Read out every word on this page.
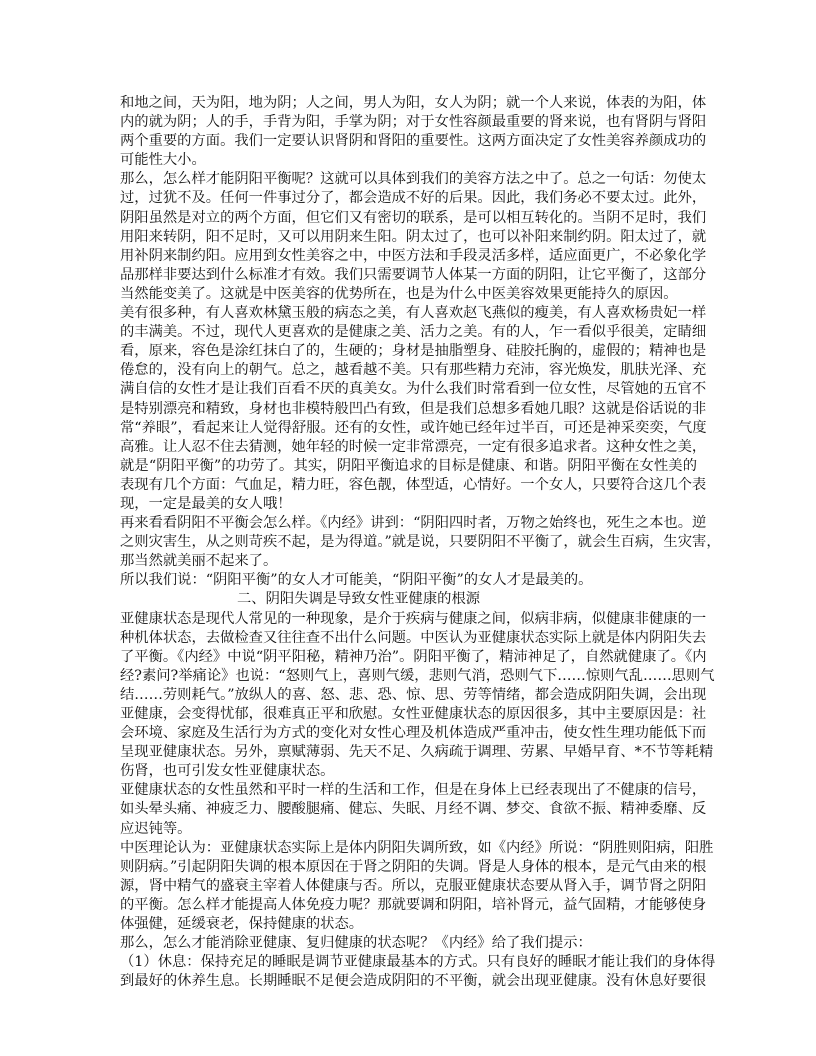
和地之间，天为阳，地为阴；人之间，男人为阳，女人为阴；就一个人来说，体表的为阳，体
内的就为阴；人的手，手背为阳，手掌为阴；对于女性容颜最重要的肾来说，也有肾阴与肾阳
两个重要的方面。我们一定要认识肾阴和肾阳的重要性。这两方面决定了女性美容养颜成功的
可能性大小。
那么，怎么样才能阴阳平衡呢？这就可以具体到我们的美容方法之中了。总之一句话：勿使太
过，过犹不及。任何一件事过分了，都会造成不好的后果。因此，我们务必不要太过。此外，
阴阳虽然是对立的两个方面，但它们又有密切的联系，是可以相互转化的。当阴不足时，我们
用阳来转阴，阳不足时，又可以用阴来生阳。阴太过了，也可以补阳来制约阴。阳太过了，就
用补阴来制约阳。应用到女性美容之中，中医方法和手段灵活多样，适应面更广，不必象化学
品那样非要达到什么标准才有效。我们只需要调节人体某一方面的阴阳，让它平衡了，这部分
当然能变美了。这就是中医美容的优势所在，也是为什么中医美容效果更能持久的原因。
美有很多种，有人喜欢林黛玉般的病态之美，有人喜欢赵飞燕似的瘦美，有人喜欢杨贵妃一样
的丰满美。不过，现代人更喜欢的是健康之美、活力之美。有的人，乍一看似乎很美，定睛细
看，原来，容色是涂红抹白了的，生硬的；身材是抽脂塑身、硅胶托胸的，虚假的；精神也是
倦怠的，没有向上的朝气。总之，越看越不美。只有那些精力充沛，容光焕发，肌肤光泽、充
满自信的女性才是让我们百看不厌的真美女。为什么我们时常看到一位女性，尽管她的五官不
是特别漂亮和精致，身材也非模特般凹凸有致，但是我们总想多看她几眼？这就是俗话说的非
常“养眼”，看起来让人觉得舒服。还有的女性，或许她已经年过半百，可还是神采奕奕，气度
高雅。让人忍不住去猜测，她年轻的时候一定非常漂亮，一定有很多追求者。这种女性之美，
就是“阴阳平衡”的功劳了。其实，阴阳平衡追求的目标是健康、和谐。阴阳平衡在女性美的
表现有几个方面：气血足，精力旺，容色靓，体型适，心情好。一个女人，只要符合这几个表
现，一定是最美的女人哦！
再来看看阴阳不平衡会怎么样。《内经》讲到：“阴阳四时者，万物之始终也，死生之本也。逆
之则灾害生，从之则苛疾不起，是为得道。”就是说，只要阴阳不平衡了，就会生百病，生灾害，
那当然就美丽不起来了。
所以我们说：“阴阳平衡”的女人才可能美，“阴阳平衡”的女人才是最美的。
二、阴阳失调是导致女性亚健康的根源
亚健康状态是现代人常见的一种现象，是介于疾病与健康之间，似病非病，似健康非健康的一
种机体状态，去做检查又往往查不出什么问题。中医认为亚健康状态实际上就是体内阴阳失去
了平衡。《内经》中说“阴平阳秘，精神乃治”。阴阳平衡了，精沛神足了，自然就健康了。《内
经?素问?举痛论》也说：“怒则气上，喜则气缓，悲则气消，恐则气下……惊则气乱……思则气
结……劳则耗气。”放纵人的喜、怒、悲、恐、惊、思、劳等情绪，都会造成阴阳失调，会出现
亚健康，会变得忧郁，很难真正平和欣慰。女性亚健康状态的原因很多，其中主要原因是：社
会环境、家庭及生活行为方式的变化对女性心理及机体造成严重冲击，使女性生理功能低下而
呈现亚健康状态。另外，禀赋薄弱、先天不足、久病疏于调理、劳累、早婚早育、*不节等耗精
伤肾，也可引发女性亚健康状态。
亚健康状态的女性虽然和平时一样的生活和工作，但是在身体上已经表现出了不健康的信号，
如头晕头痛、神疲乏力、腰酸腿痛、健忘、失眠、月经不调、梦交、食欲不振、精神委靡、反
应迟钝等。
中医理论认为：亚健康状态实际上是体内阴阳失调所致，如《内经》所说：“阴胜则阳病，阳胜
则阴病。”引起阴阳失调的根本原因在于肾之阴阳的失调。肾是人身体的根本，是元气由来的根
源，肾中精气的盛衰主宰着人体健康与否。所以，克服亚健康状态要从肾入手，调节肾之阴阳
的平衡。怎么样才能提高人体免疫力呢？那就要调和阴阳，培补肾元，益气固精，才能够使身
体强健，延缓衰老，保持健康的状态。
那么，怎么才能消除亚健康、复归健康的状态呢？《内经》给了我们提示：
（1）休息：保持充足的睡眠是调节亚健康最基本的方式。只有良好的睡眠才能让我们的身体得
到最好的休养生息。长期睡眠不足便会造成阴阳的不平衡，就会出现亚健康。没有休息好要很
